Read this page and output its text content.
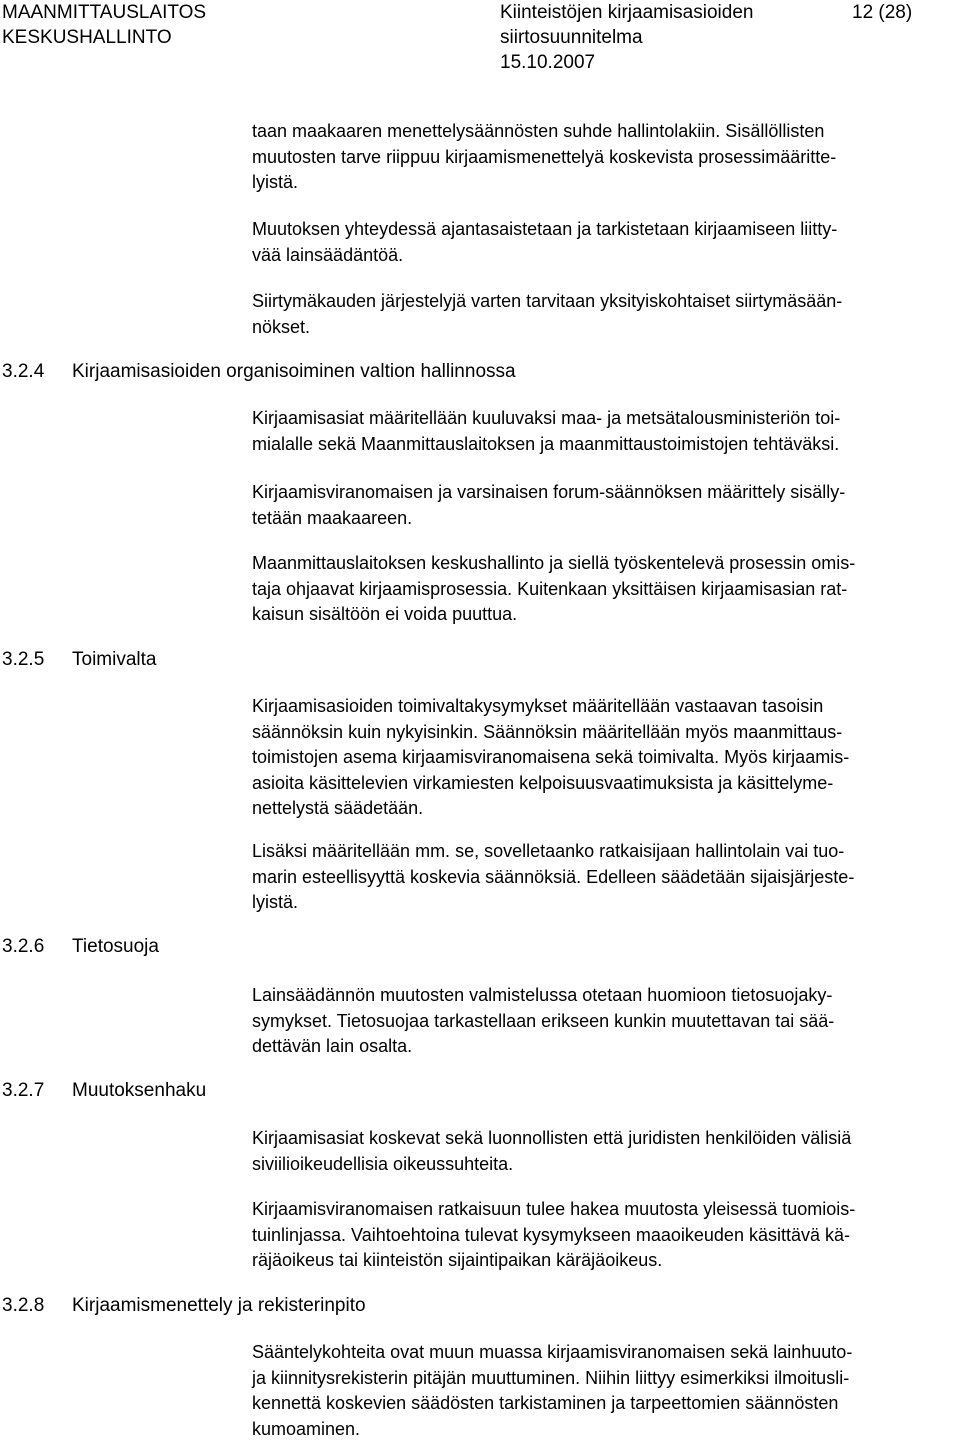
MAANMITTAUSLAITOS
KESKUSHALLINTO
Kiinteistöjen kirjaamisasioiden
siirtosuunnitelma
15.10.2007
12 (28)
taan maakaaren menettelysäännösten suhde hallintolakiin. Sisällöllisten
muutosten tarve riippuu kirjaamismenettelyä koskevista prosessimääritte-
lyistä.
Muutoksen yhteydessä ajantasaistetaan ja tarkistetaan kirjaamiseen liitty-
vää lainsäädäntöä.
Siirtymäkauden järjestelyjä varten tarvitaan yksityiskohtaiset siirtymäsään-
nökset.
3.2.4 Kirjaamisasioiden organisoiminen valtion hallinnossa
Kirjaamisasiat määritellään kuuluvaksi maa- ja metsätalousministeriön toi-
mialalle sekä Maanmittauslaitoksen ja maanmittaustoimistojen tehtäväksi.
Kirjaamisviranomaisen ja varsinaisen forum-säännöksen määrittely sisälly-
tetään maakaareen.
Maanmittauslaitoksen keskushallinto ja siellä työskentelevä prosessin omis-
taja ohjaavat kirjaamisprosessia. Kuitenkaan yksittäisen kirjaamisasian rat-
kaisun sisältöön ei voida puuttua.
3.2.5 Toimivalta
Kirjaamisasioiden toimivaltakysymykset määritellään vastaavan tasoisin
säännöksin kuin nykyisinkin. Säännöksin määritellään myös maanmittaus-
toimistojen asema kirjaamisviranomaisena sekä toimivalta. Myös kirjaamis-
asioita käsittelevien virkamiesten kelpoisuusvaatimuksista ja käsittelyme-
nettelystä säädetään.
Lisäksi määritellään mm. se, sovelletaanko ratkaisijaan hallintolain vai tuo-
marin esteellisyyttä koskevia säännöksiä. Edelleen säädetään sijaisjärjeste-
lyistä.
3.2.6 Tietosuoja
Lainsäädännön muutosten valmistelussa otetaan huomioon tietosuojaky-
symykset. Tietosuojaa tarkastellaan erikseen kunkin muutettavan tai sää-
dettävän lain osalta.
3.2.7 Muutoksenhaku
Kirjaamisasiat koskevat sekä luonnollisten että juridisten henkilöiden välisiä
siviilioikeudellisia oikeussuhteita.
Kirjaamisviranomaisen ratkaisuun tulee hakea muutosta yleisessä tuomiois-
tuinlinjassa. Vaihtoehtoina tulevat kysymykseen maaoikeuden käsittävä kä-
räjäoikeus tai kiinteistön sijaintipaikan käräjäoikeus.
3.2.8 Kirjaamismenettely ja rekisterinpito
Sääntelykohteita ovat muun muassa kirjaamisviranomaisen sekä lainhuuto-
ja kiinnitysrekisterin pitäjän muuttuminen. Niihin liittyy esimerkiksi ilmoitusli-
kennettä koskevien säädösten tarkistaminen ja tarpeettomien säännösten
kumoaminen.
